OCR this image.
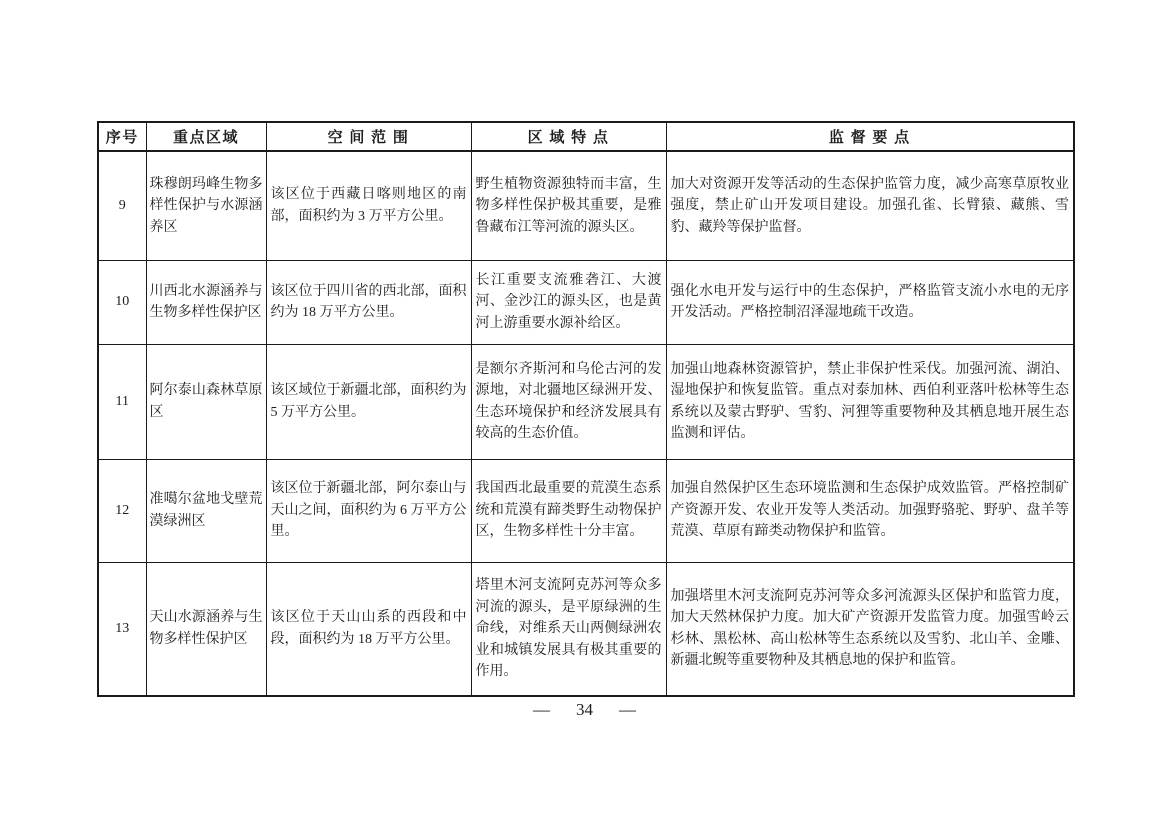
序号	重点区域	空 间 范 围	区 域 特 点	监 督 要 点
9	珠穆朗玛峰生物多样性保护与水源涵养区	该区位于西藏日喀则地区的南部，面积约为 3 万平方公里。	野生植物资源独特而丰富，生物多样性保护极其重要，是雅鲁藏布江等河流的源头区。	加大对资源开发等活动的生态保护监管力度，减少高寒草原牧业强度，禁止矿山开发项目建设。加强孔雀、长臂猿、藏熊、雪豹、藏羚等保护监督。
10	川西北水源涵养与生物多样性保护区	该区位于四川省的西北部，面积约为 18 万平方公里。	长江重要支流雅砻江、大渡河、金沙江的源头区，也是黄河上游重要水源补给区。	强化水电开发与运行中的生态保护，严格监管支流小水电的无序开发活动。严格控制沼泽湿地疏干改造。
11	阿尔泰山森林草原区	该区域位于新疆北部，面积约为 5 万平方公里。	是额尔齐斯河和乌伦古河的发源地，对北疆地区绿洲开发、生态环境保护和经济发展具有较高的生态价值。	加强山地森林资源管护，禁止非保护性采伐。加强河流、湖泊、湿地保护和恢复监管。重点对泰加林、西伯利亚落叶松林等生态系统以及蒙古野驴、雪豹、河狸等重要物种及其栖息地开展生态监测和评估。
12	准噶尔盆地戈壁荒漠绿洲区	该区位于新疆北部，阿尔泰山与天山之间，面积约为 6 万平方公里。	我国西北最重要的荒漠生态系统和荒漠有蹄类野生动物保护区，生物多样性十分丰富。	加强自然保护区生态环境监测和生态保护成效监管。严格控制矿产资源开发、农业开发等人类活动。加强野骆驼、野驴、盘羊等荒漠、草原有蹄类动物保护和监管。
13	天山水源涵养与生物多样性保护区	该区位于天山山系的西段和中段，面积约为 18 万平方公里。	塔里木河支流阿克苏河等众多河流的源头，是平原绿洲的生命线，对维系天山两侧绿洲农业和城镇发展具有极其重要的作用。	加强塔里木河支流阿克苏河等众多河流源头区保护和监管力度，加大天然林保护力度。加大矿产资源开发监管力度。加强雪岭云杉林、黑松林、高山松林等生态系统以及雪豹、北山羊、金雕、新疆北鲵等重要物种及其栖息地的保护和监管。
— 34 —
